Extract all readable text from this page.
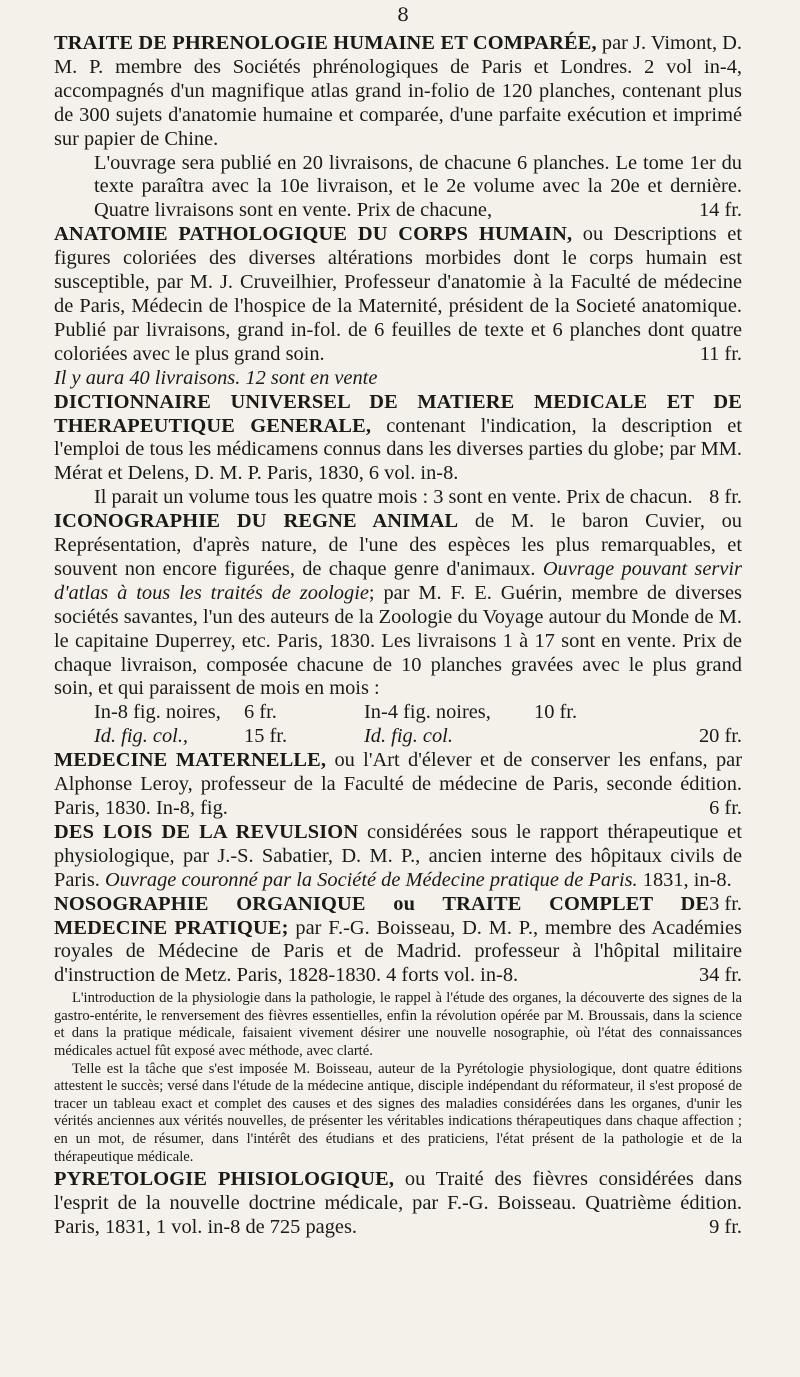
8
TRAITE DE PHRENOLOGIE HUMAINE ET COMPARÉE, par J. Vimont, D. M. P. membre des Sociétés phrénologiques de Paris et Londres. 2 vol in-4, accompagnés d'un magnifique atlas grand in-folio de 120 planches, contenant plus de 300 sujets d'anatomie humaine et comparée, d'une parfaite exécution et imprimé sur papier de Chine.
L'ouvrage sera publié en 20 livraisons, de chacune 6 planches. Le tome 1er du texte paraîtra avec la 10e livraison, et le 2e volume avec la 20e et dernière. Quatre livraisons sont en vente. Prix de chacune,	14 fr.
ANATOMIE PATHOLOGIQUE DU CORPS HUMAIN, ou Descriptions et figures coloriées des diverses altérations morbides dont le corps humain est susceptible, par M. J. Cruveilhier, Professeur d'anatomie à la Faculté de médecine de Paris, Médecin de l'hospice de la Maternité, président de la Societé anatomique. Publié par livraisons, grand in-fol. de 6 feuilles de texte et 6 planches dont quatre coloriées avec le plus grand soin.	11 fr.
Il y aura 40 livraisons. 12 sont en vente
DICTIONNAIRE UNIVERSEL DE MATIERE MEDICALE ET DE THERAPEUTIQUE GENERALE, contenant l'indication, la description et l'emploi de tous les médicamens connus dans les diverses parties du globe; par MM. Mérat et Delens, D. M. P. Paris, 1830, 6 vol. in-8.
Il parait un volume tous les quatre mois : 3 sont en vente. Prix de chacun. 8 fr.
ICONOGRAPHIE DU REGNE ANIMAL de M. le baron Cuvier, ou Représentation, d'après nature, de l'une des espèces les plus remarquables, et souvent non encore figurées, de chaque genre d'animaux. Ouvrage pouvant servir d'atlas à tous les traités de zoologie; par M. F. E. Guérin, membre de diverses sociétés savantes, l'un des auteurs de la Zoologie du Voyage autour du Monde de M. le capitaine Duperrey, etc. Paris, 1830. Les livraisons 1 à 17 sont en vente. Prix de chaque livraison, composée chacune de 10 planches gravées avec le plus grand soin, et qui paraissent de mois en mois :
In-8 fig. noires,	6 fr.	In-4 fig. noires,	10 fr.
Id. fig. col.,	15 fr.	Id. fig. col.	20 fr.
MEDECINE MATERNELLE, ou l'Art d'élever et de conserver les enfans, par Alphonse Leroy, professeur de la Faculté de médecine de Paris, seconde édition. Paris, 1830. In-8, fig.	6 fr.
DES LOIS DE LA REVULSION considérées sous le rapport thérapeutique et physiologique, par J.-S. Sabatier, D. M. P., ancien interne des hôpitaux civils de Paris. Ouvrage couronné par la Société de Médecine pratique de Paris. 1831, in-8.
3 fr.
NOSOGRAPHIE ORGANIQUE ou TRAITE COMPLET DE MEDECINE PRATIQUE; par F.-G. Boisseau, D. M. P., membre des Académies royales de Médecine de Paris et de Madrid. professeur à l'hôpital militaire d'instruction de Metz. Paris, 1828-1830. 4 forts vol. in-8.	34 fr.

L'introduction de la physiologie dans la pathologie, le rappel à l'étude des organes, la découverte des signes de la gastro-entérite, le renversement des fièvres essentielles, enfin la révolution opérée par M. Broussais, dans la science et dans la pratique médicale, faisaient vivement désirer une nouvelle nosographie, où l'état des connaissances médicales actuel fût exposé avec méthode, avec clarté.

Telle est la tâche que s'est imposée M. Boisseau, auteur de la Pyrétologie physiologique, dont quatre éditions attestent le succès; versé dans l'étude de la médecine antique, disciple indépendant du réformateur, il s'est proposé de tracer un tableau exact et complet des causes et des signes des maladies considérées dans les organes, d'unir les vérités anciennes aux vérités nouvelles, de présenter les véritables indications thérapeutiques dans chaque affection ; en un mot, de résumer, dans l'intérêt des étudians et des praticiens, l'état présent de la pathologie et de la thérapeutique médicale.

PYRETOLOGIE PHISIOLOGIQUE, ou Traité des fièvres considérées dans l'esprit de la nouvelle doctrine médicale, par F.-G. Boisseau. Quatrième édition. Paris, 1831, 1 vol. in-8 de 725 pages.	9 fr.
